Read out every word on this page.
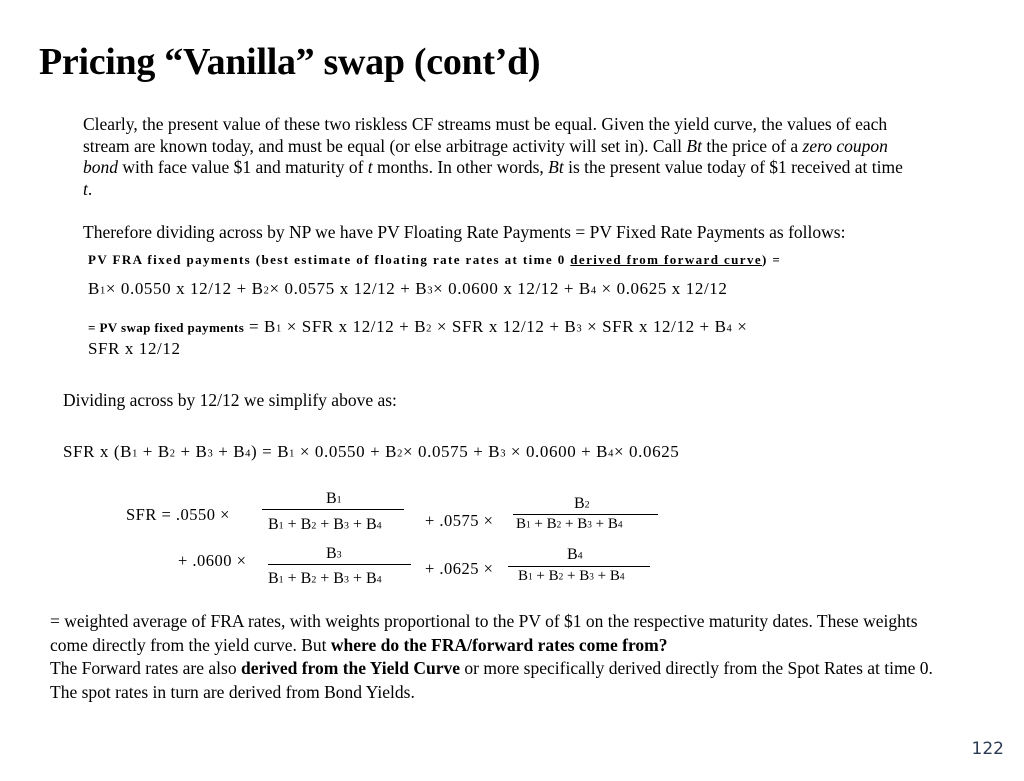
Pricing “Vanilla” swap (cont’d)
Clearly, the present value of these two riskless CF streams must be equal. Given the yield curve, the values of each stream are known today, and must be equal (or else arbitrage activity will set in). Call Bt the price of a zero coupon bond with face value $1 and maturity of t months. In other words, Bt is the present value today of $1 received at time t.
Therefore dividing across by NP we have PV Floating Rate Payments = PV Fixed Rate Payments as follows:
PV FRA fixed payments (best estimate of floating rate rates at time 0 derived from forward curve) =
B1× 0.0550 x 12/12 + B2× 0.0575 x 12/12 + B3× 0.0600 x 12/12 + B4 × 0.0625 x 12/12
= PV swap fixed payments = B1 × SFR x 12/12 + B2 × SFR x 12/12 + B3 × SFR x 12/12 + B4 ×
SFR x 12/12
Dividing across by 12/12 we simplify above as:
SFR x (B1 + B2 + B3 + B4) = B1 × 0.0550 + B2× 0.0575 + B3 × 0.0600 + B4× 0.0625
SFR = .0550 ×
B1
B1 + B2 + B3 + B4	+ .0575 ×
B2
B1 + B2 + B3 + B4
+ .0600 ×	B3
B1 + B2 + B3 + B4
+ .0625 ×
B4
B1 + B2 + B3 + B4
= weighted average of FRA rates, with weights proportional to the PV of $1 on the respective maturity dates. These weights come directly from the yield curve. But where do the FRA/forward rates come from?
The Forward rates are also derived from the Yield Curve or more specifically derived directly from the Spot Rates at time 0. The spot rates in turn are derived from Bond Yields.
122
